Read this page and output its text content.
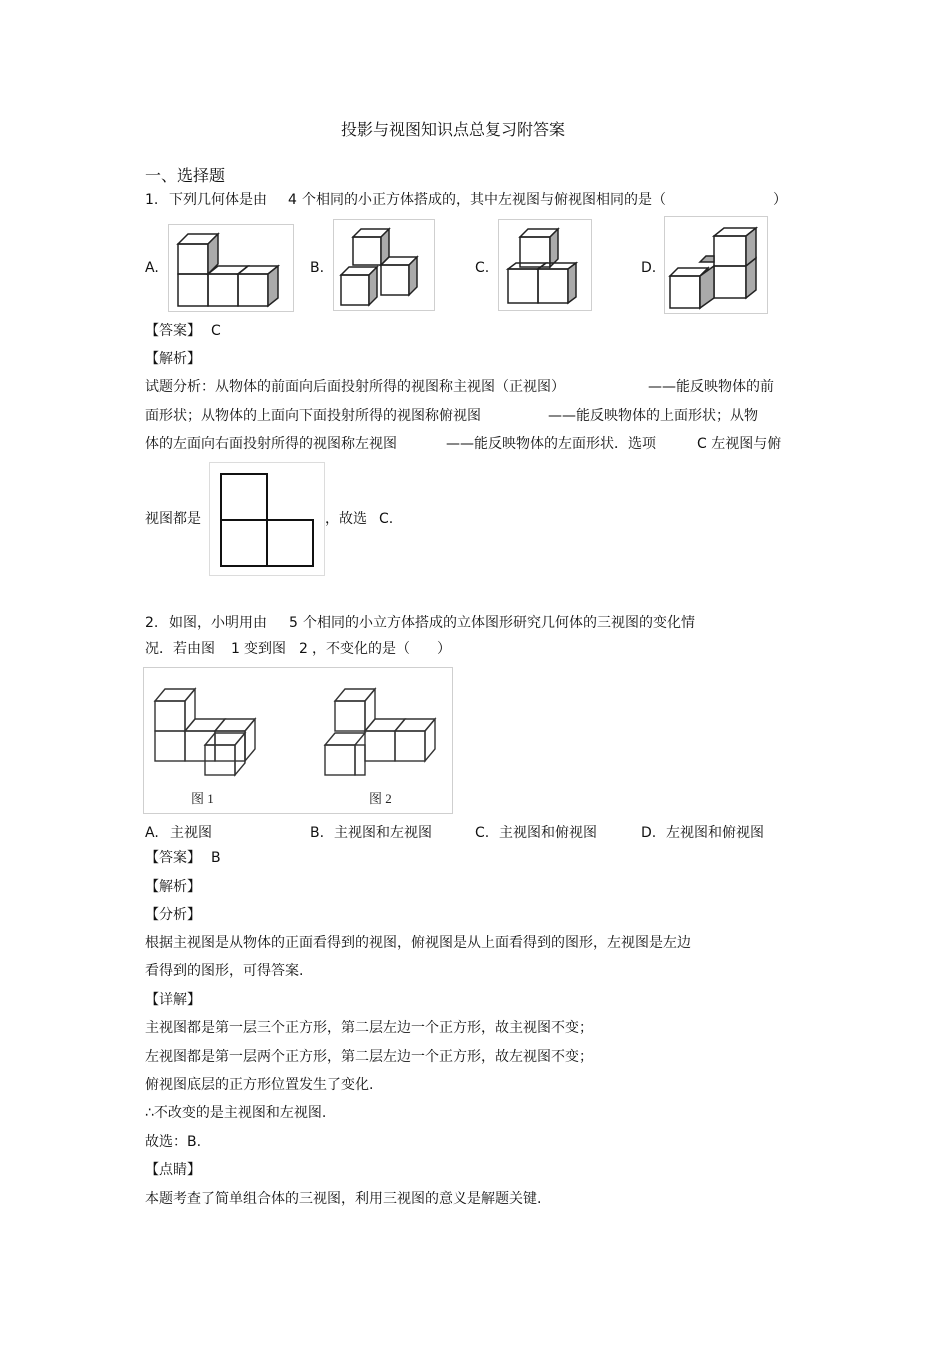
投影与视图知识点总复习附答案
一、选择题
1. 下列几何体是由 4 个相同的小正方体搭成的，其中左视图与俯视图相同的是（	）
A.	B.	C.	D.
【答案】 C
【解析】
试题分析：从物体的前面向后面投射所得的视图称主视图（正视图）	——能反映物体的前
面形状；从物体的上面向下面投射所得的视图称俯视图	——能反映物体的上面形状；从物
体的左面向右面投射所得的视图称左视图	——能反映物体的左面形状．选项	C 左视图与俯
视图都是	，故选 C.
2. 如图，小明用由 5 个相同的小立方体搭成的立体图形研究几何体的三视图的变化情
况．若由图 1 变到图 2 ，不变化的是（ ）
图 1	图 2
A. 主视图	B. 主视图和左视图	C. 主视图和俯视图	D. 左视图和俯视图
【答案】 B
【解析】
【分析】
根据主视图是从物体的正面看得到的视图，俯视图是从上面看得到的图形，左视图是左边
看得到的图形，可得答案.
【详解】
主视图都是第一层三个正方形，第二层左边一个正方形，故主视图不变；
左视图都是第一层两个正方形，第二层左边一个正方形，故左视图不变；
俯视图底层的正方形位置发生了变化.
∴不改变的是主视图和左视图.
故选：B.
【点睛】
本题考查了简单组合体的三视图，利用三视图的意义是解题关键.
